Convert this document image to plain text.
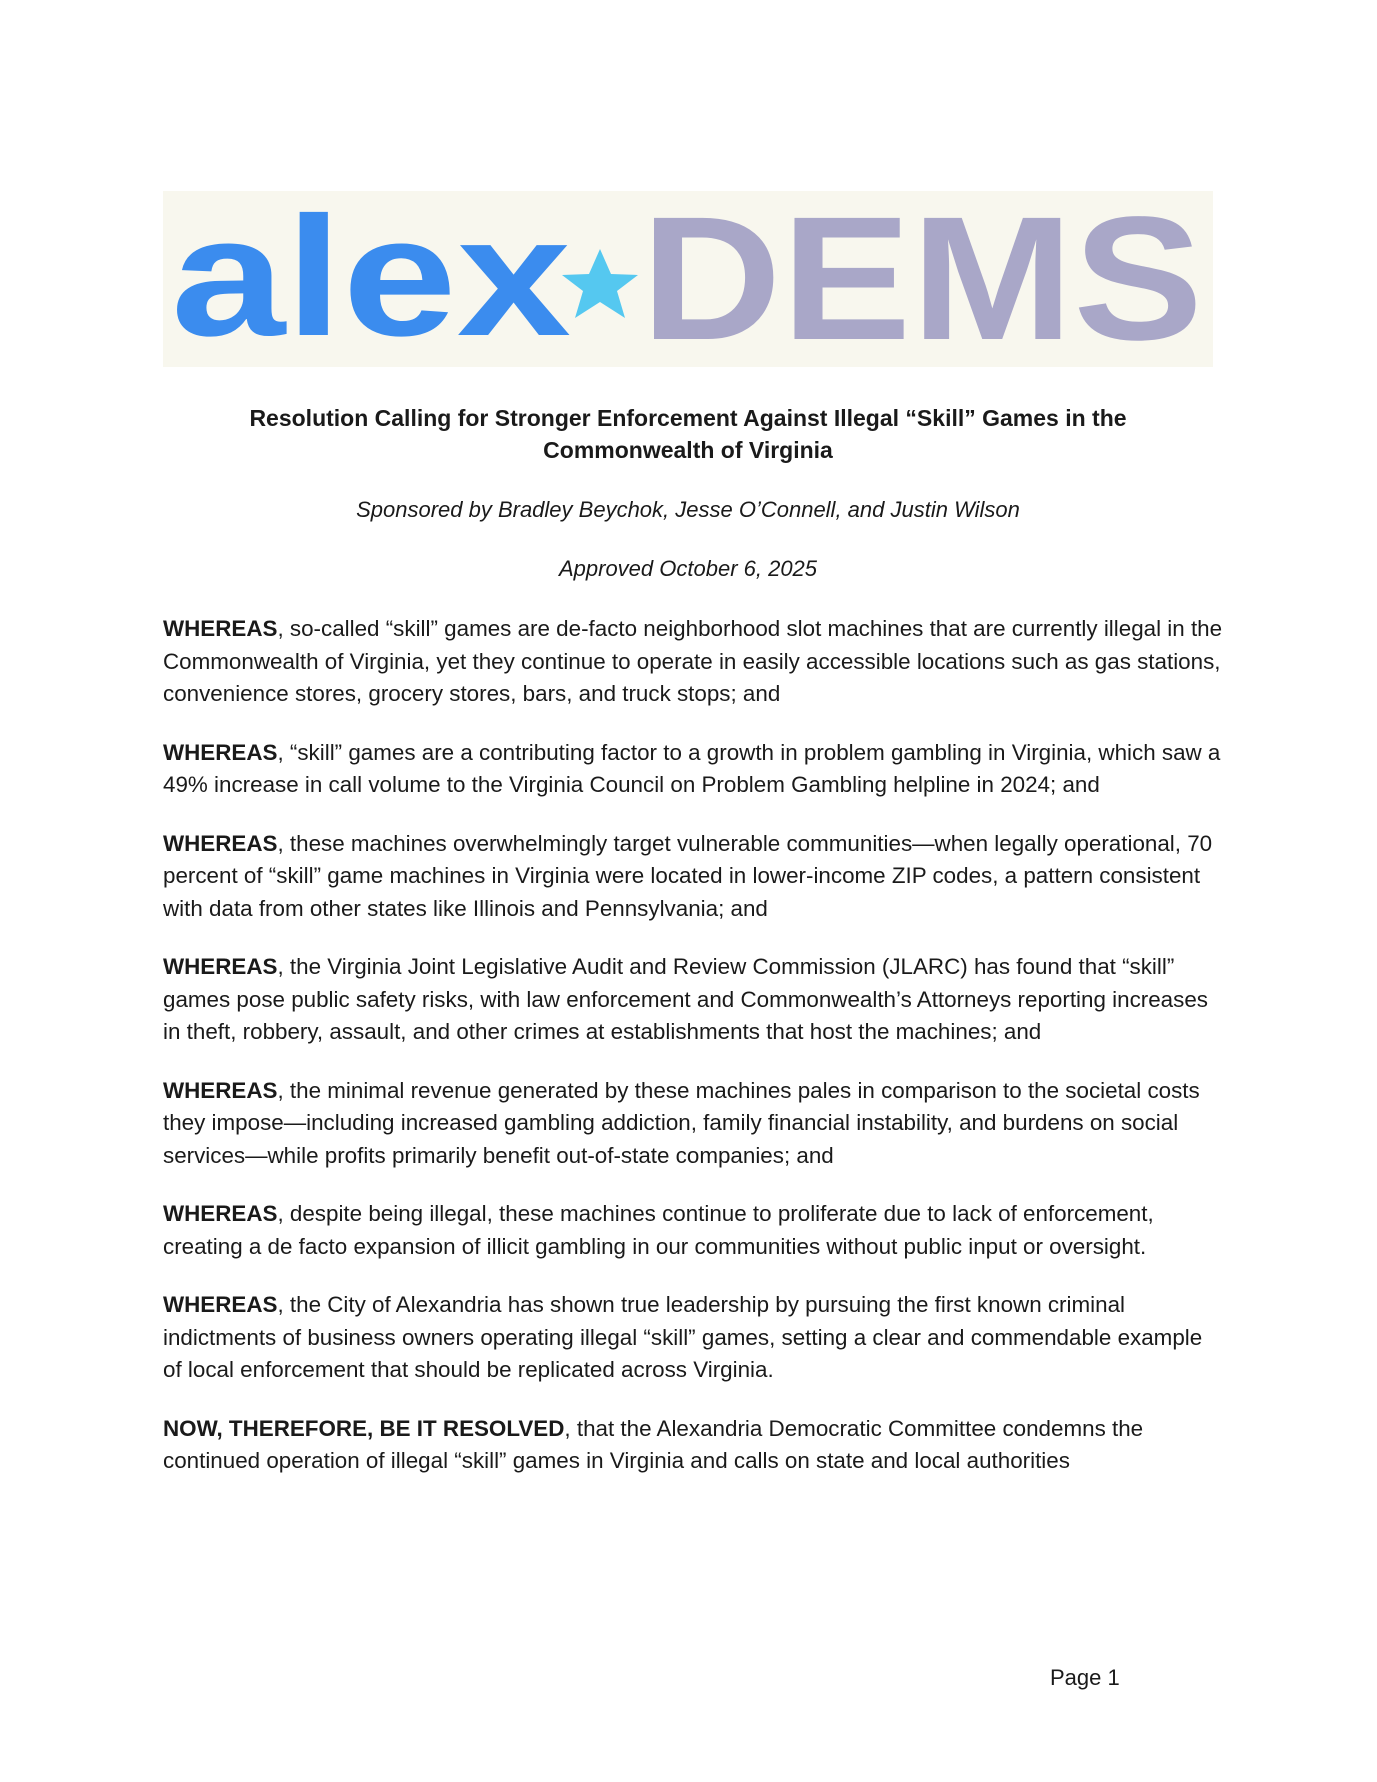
alex DEMS
Resolution Calling for Stronger Enforcement Against Illegal “Skill” Games in the Commonwealth of Virginia

Sponsored by Bradley Beychok, Jesse O’Connell, and Justin Wilson

Approved October 6, 2025

WHEREAS, so-called “skill” games are de-facto neighborhood slot machines that are currently illegal in the Commonwealth of Virginia, yet they continue to operate in easily accessible locations such as gas stations, convenience stores, grocery stores, bars, and truck stops; and

WHEREAS, “skill” games are a contributing factor to a growth in problem gambling in Virginia, which saw a 49% increase in call volume to the Virginia Council on Problem Gambling helpline in 2024; and

WHEREAS, these machines overwhelmingly target vulnerable communities—when legally operational, 70 percent of “skill” game machines in Virginia were located in lower-income ZIP codes, a pattern consistent with data from other states like Illinois and Pennsylvania; and

WHEREAS, the Virginia Joint Legislative Audit and Review Commission (JLARC) has found that “skill” games pose public safety risks, with law enforcement and Commonwealth’s Attorneys reporting increases in theft, robbery, assault, and other crimes at establishments that host the machines; and

WHEREAS, the minimal revenue generated by these machines pales in comparison to the societal costs they impose—including increased gambling addiction, family financial instability, and burdens on social services—while profits primarily benefit out-of-state companies; and

WHEREAS, despite being illegal, these machines continue to proliferate due to lack of enforcement, creating a de facto expansion of illicit gambling in our communities without public input or oversight.

WHEREAS, the City of Alexandria has shown true leadership by pursuing the first known criminal indictments of business owners operating illegal “skill” games, setting a clear and commendable example of local enforcement that should be replicated across Virginia.

NOW, THEREFORE, BE IT RESOLVED, that the Alexandria Democratic Committee condemns the continued operation of illegal “skill” games in Virginia and calls on state and local authorities

Page 1
